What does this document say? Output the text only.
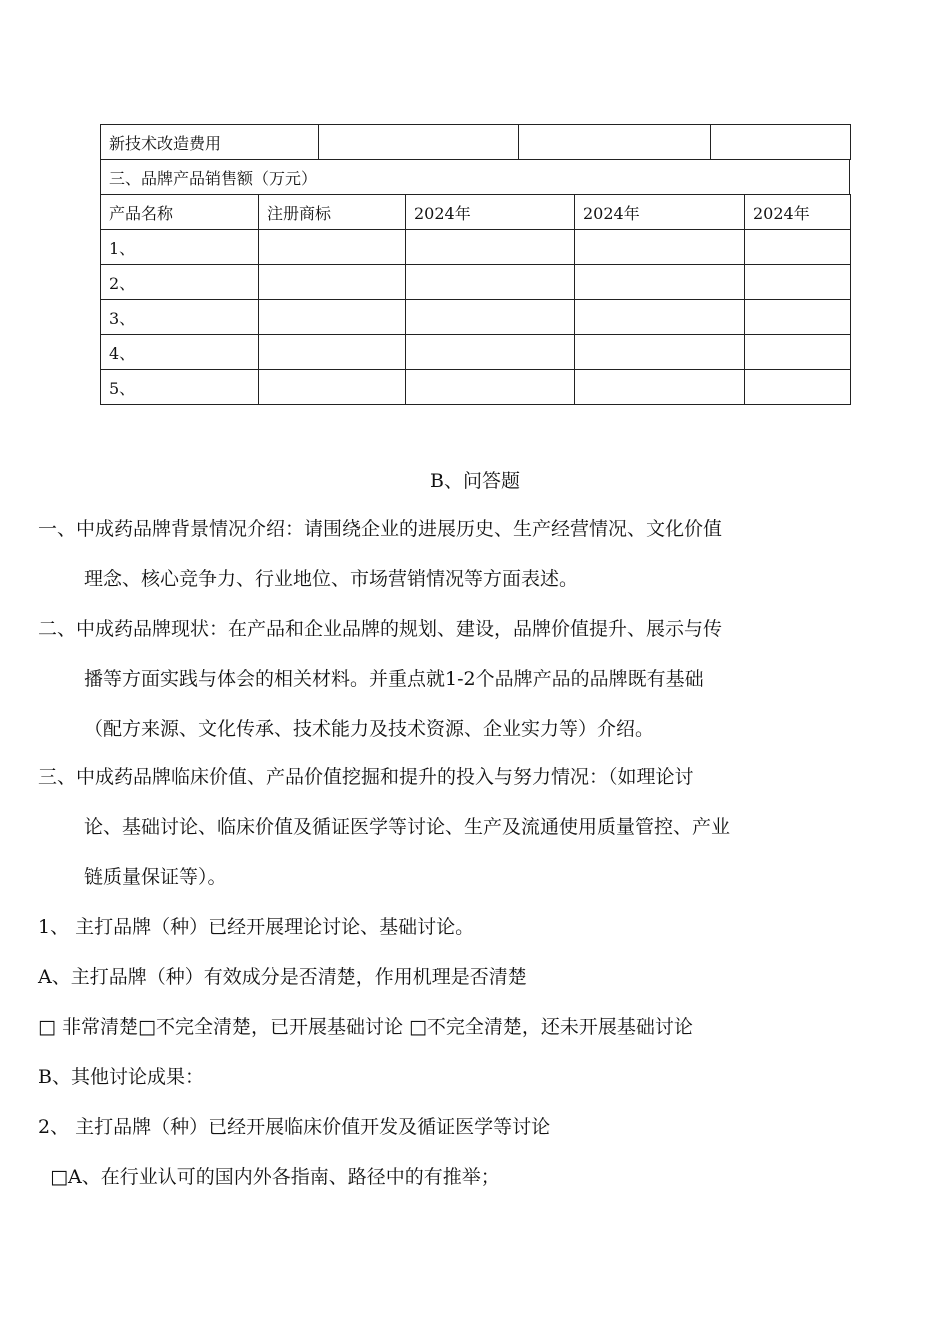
新技术改造费用			
三、品牌产品销售额（万元）
产品名称	注册商标	2024年	2024年	2024年
1、				
2、				
3、				
4、				
5、				
B、问答题
一、中成药品牌背景情况介绍：请围绕企业的进展历史、生产经营情况、文化价值
理念、核心竞争力、行业地位、市场营销情况等方面表述。
二、中成药品牌现状：在产品和企业品牌的规划、建设，品牌价值提升、展示与传
播等方面实践与体会的相关材料。并重点就1-2个品牌产品的品牌既有基础
（配方来源、文化传承、技术能力及技术资源、企业实力等）介绍。
三、中成药品牌临床价值、产品价值挖掘和提升的投入与努力情况：（如理论讨
论、基础讨论、临床价值及循证医学等讨论、生产及流通使用质量管控、产业
链质量保证等）。
1、 主打品牌（种）已经开展理论讨论、基础讨论。
A、主打品牌（种）有效成分是否清楚，作用机理是否清楚
□ 非常清楚□不完全清楚，已开展基础讨论 □不完全清楚，还未开展基础讨论
B、其他讨论成果：
2、 主打品牌（种）已经开展临床价值开发及循证医学等讨论
□A、在行业认可的国内外各指南、路径中的有推举；
